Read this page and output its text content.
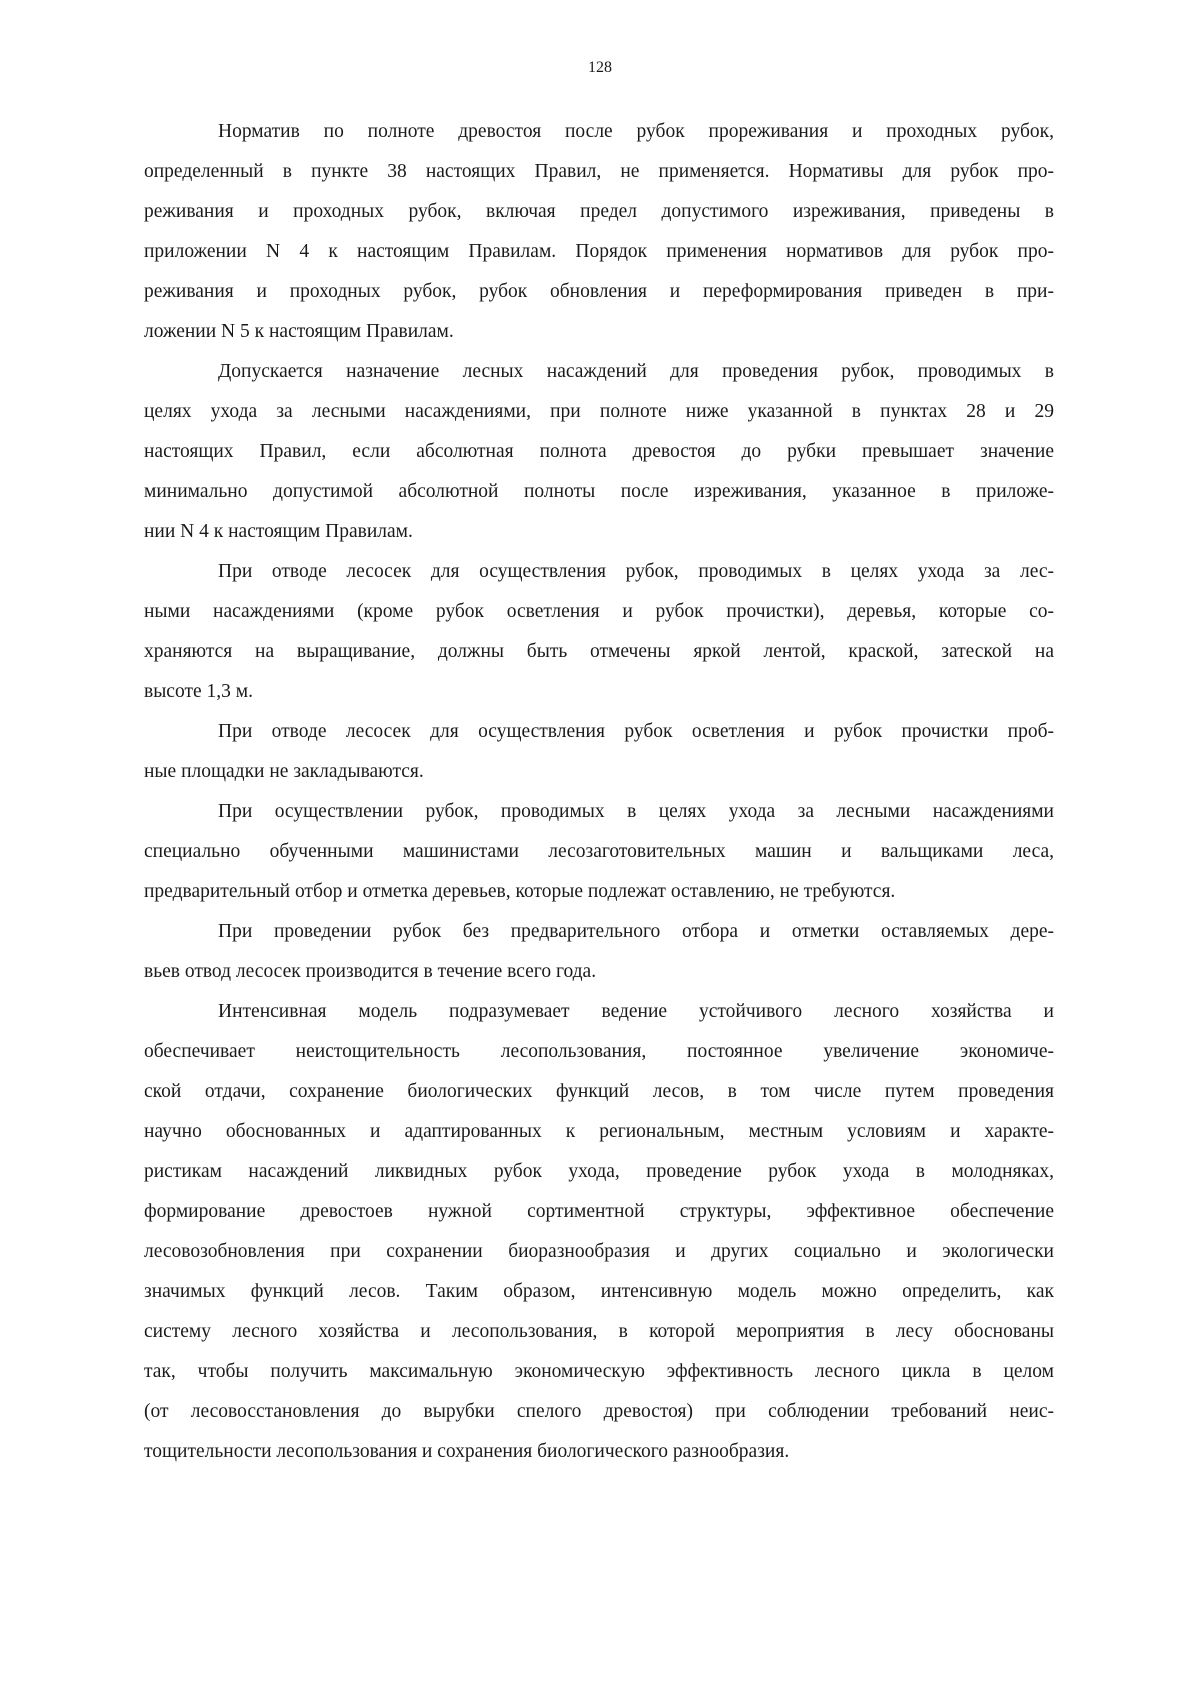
128

Норматив по полноте древостоя после рубок прореживания и проходных рубок,
определенный в пункте 38 настоящих Правил, не применяется. Нормативы для рубок про-
реживания и проходных рубок, включая предел допустимого изреживания, приведены в
приложении N 4 к настоящим Правилам. Порядок применения нормативов для рубок про-
реживания и проходных рубок, рубок обновления и переформирования приведен в при-
ложении N 5 к настоящим Правилам.

Допускается назначение лесных насаждений для проведения рубок, проводимых в
целях ухода за лесными насаждениями, при полноте ниже указанной в пунктах 28 и 29
настоящих Правил, если абсолютная полнота древостоя до рубки превышает значение
минимально допустимой абсолютной полноты после изреживания, указанное в приложе-
нии N 4 к настоящим Правилам.

При отводе лесосек для осуществления рубок, проводимых в целях ухода за лес-
ными насаждениями (кроме рубок осветления и рубок прочистки), деревья, которые со-
храняются на выращивание, должны быть отмечены яркой лентой, краской, затеской на
высоте 1,3 м.

При отводе лесосек для осуществления рубок осветления и рубок прочистки проб-
ные площадки не закладываются.

При осуществлении рубок, проводимых в целях ухода за лесными насаждениями
специально обученными машинистами лесозаготовительных машин и вальщиками леса,
предварительный отбор и отметка деревьев, которые подлежат оставлению, не требуются.

При проведении рубок без предварительного отбора и отметки оставляемых дере-
вьев отвод лесосек производится в течение всего года.

Интенсивная модель подразумевает ведение устойчивого лесного хозяйства и
обеспечивает неистощительность лесопользования, постоянное увеличение экономиче-
ской отдачи, сохранение биологических функций лесов, в том числе путем проведения
научно обоснованных и адаптированных к региональным, местным условиям и характе-
ристикам насаждений ликвидных рубок ухода, проведение рубок ухода в молодняках,
формирование древостоев нужной сортиментной структуры, эффективное обеспечение
лесовозобновления при сохранении биоразнообразия и других социально и экологически
значимых функций лесов. Таким образом, интенсивную модель можно определить, как
систему лесного хозяйства и лесопользования, в которой мероприятия в лесу обоснованы
так, чтобы получить максимальную экономическую эффективность лесного цикла в целом
(от лесовосстановления до вырубки спелого древостоя) при соблюдении требований неис-
тощительности лесопользования и сохранения биологического разнообразия.
